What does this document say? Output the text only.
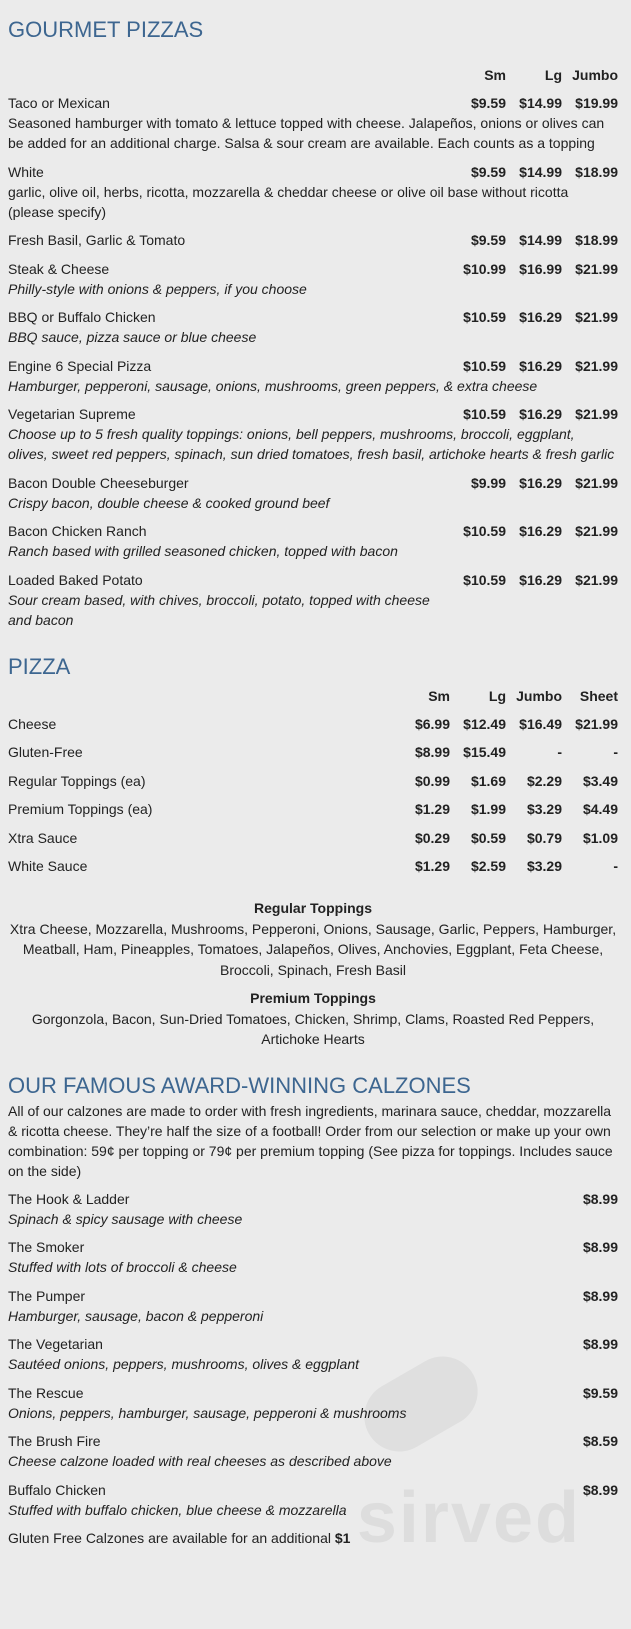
sirved
GOURMET PIZZAS
Sm	Lg Jumbo
Taco or Mexican	$9.59 $14.99 $19.99
Seasoned hamburger with tomato & lettuce topped with cheese. Jalapeños, onions or olives can be added for an additional charge. Salsa & sour cream are available. Each counts as a topping
White	$9.59 $14.99 $18.99
garlic, olive oil, herbs, ricotta, mozzarella & cheddar cheese or olive oil base without ricotta (please specify)
Fresh Basil, Garlic & Tomato	$9.59 $14.99 $18.99
Steak & Cheese	$10.99 $16.99 $21.99
Philly-style with onions & peppers, if you choose
BBQ or Buffalo Chicken	$10.59 $16.29 $21.99
BBQ sauce, pizza sauce or blue cheese
Engine 6 Special Pizza	$10.59 $16.29 $21.99
Hamburger, pepperoni, sausage, onions, mushrooms, green peppers, & extra cheese
Vegetarian Supreme	$10.59 $16.29 $21.99
Choose up to 5 fresh quality toppings: onions, bell peppers, mushrooms, broccoli, eggplant, olives, sweet red peppers, spinach, sun dried tomatoes, fresh basil, artichoke hearts & fresh garlic
Bacon Double Cheeseburger	$9.99 $16.29 $21.99
Crispy bacon, double cheese & cooked ground beef
Bacon Chicken Ranch	$10.59 $16.29 $21.99
Ranch based with grilled seasoned chicken, topped with bacon
Loaded Baked Potato	$10.59 $16.29 $21.99
Sour cream based, with chives, broccoli, potato, topped with cheese and bacon
PIZZA
Sm	Lg Jumbo	Sheet
Cheese	$6.99 $12.49 $16.49 $21.99
Gluten-Free	$8.99 $15.49	-	-
Regular Toppings (ea)	$0.99	$1.69	$2.29	$3.49
Premium Toppings (ea)	$1.29	$1.99	$3.29	$4.49
Xtra Sauce	$0.29	$0.59	$0.79	$1.09
White Sauce	$1.29	$2.59	$3.29	-
Regular Toppings
Xtra Cheese, Mozzarella, Mushrooms, Pepperoni, Onions, Sausage, Garlic, Peppers, Hamburger, Meatball, Ham, Pineapples, Tomatoes, Jalapeños, Olives, Anchovies, Eggplant, Feta Cheese, Broccoli, Spinach, Fresh Basil
Premium Toppings
Gorgonzola, Bacon, Sun-Dried Tomatoes, Chicken, Shrimp, Clams, Roasted Red Peppers, Artichoke Hearts
OUR FAMOUS AWARD-WINNING CALZONES
All of our calzones are made to order with fresh ingredients, marinara sauce, cheddar, mozzarella & ricotta cheese. They’re half the size of a football! Order from our selection or make up your own combination: 59¢ per topping or 79¢ per premium topping (See pizza for toppings. Includes sauce on the side)
The Hook & Ladder	$8.99
Spinach & spicy sausage with cheese
The Smoker	$8.99
Stuffed with lots of broccoli & cheese
The Pumper	$8.99
Hamburger, sausage, bacon & pepperoni
The Vegetarian	$8.99
Sautéed onions, peppers, mushrooms, olives & eggplant
The Rescue	$9.59
Onions, peppers, hamburger, sausage, pepperoni & mushrooms
The Brush Fire	$8.59
Cheese calzone loaded with real cheeses as described above
Buffalo Chicken	$8.99
Stuffed with buffalo chicken, blue cheese & mozzarella
Gluten Free Calzones are available for an additional $1
